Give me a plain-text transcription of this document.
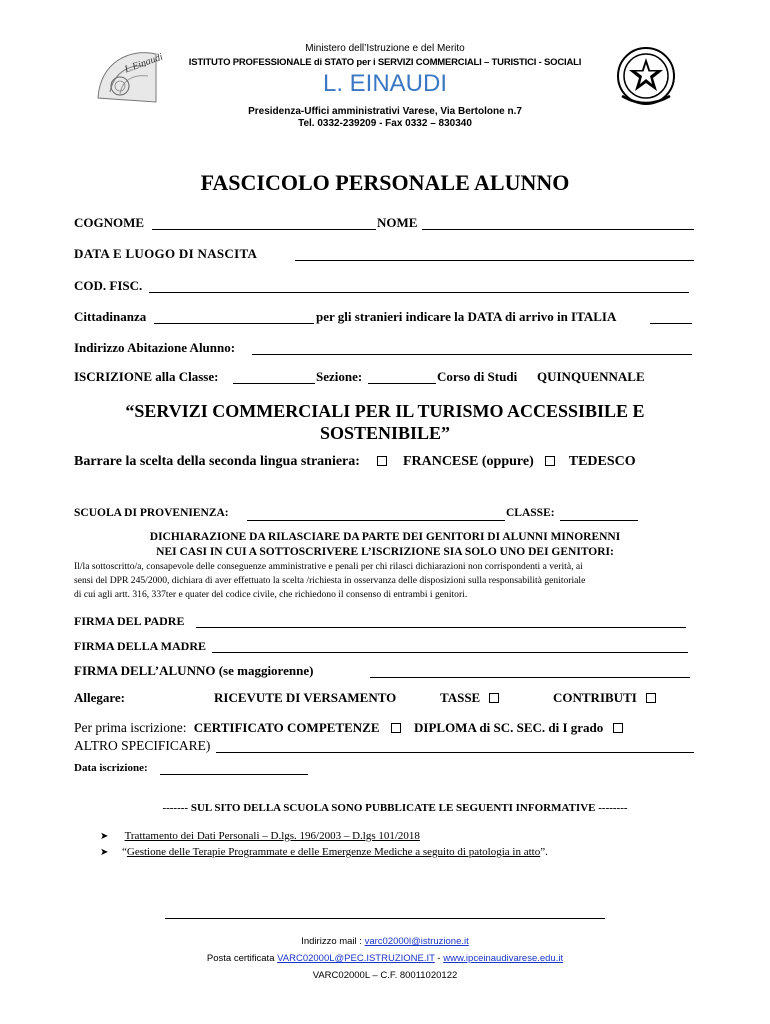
L.Einaudi
Ministero dell’Istruzione e del Merito
ISTITUTO PROFESSIONALE di STATO per i SERVIZI COMMERCIALI – TURISTICI - SOCIALI
L. EINAUDI
Presidenza-Uffici amministrativi Varese, Via Bertolone n.7
Tel. 0332-239209 - Fax 0332 – 830340
FASCICOLO PERSONALE ALUNNO
COGNOME	NOME
DATA E LUOGO DI NASCITA
COD. FISC.
Cittadinanza	per gli stranieri indicare la DATA di arrivo in ITALIA
Indirizzo Abitazione Alunno:
ISCRIZIONE alla Classe:	Sezione:	Corso di Studi QUINQUENNALE
“SERVIZI COMMERCIALI PER IL TURISMO ACCESSIBILE E
SOSTENIBILE”
Barrare la scelta della seconda lingua straniera:	FRANCESE (oppure)	TEDESCO
SCUOLA DI PROVENIENZA:	CLASSE:
DICHIARAZIONE DA RILASCIARE DA PARTE DEI GENITORI DI ALUNNI MINORENNI
NEI CASI IN CUI A SOTTOSCRIVERE L’ISCRIZIONE SIA SOLO UNO DEI GENITORI:
Il/la sottoscritto/a, consapevole delle conseguenze amministrative e penali per chi rilasci dichiarazioni non corrispondenti a verità, ai
sensi del DPR 245/2000, dichiara di aver effettuato la scelta /richiesta in osservanza delle disposizioni sulla responsabilità genitoriale
di cui agli artt. 316, 337ter e quater del codice civile, che richiedono il consenso di entrambi i genitori.
FIRMA DEL PADRE
FIRMA DELLA MADRE
FIRMA DELL’ALUNNO (se maggiorenne)
Allegare:	RICEVUTE DI VERSAMENTO	TASSE	CONTRIBUTI
Per prima iscrizione: CERTIFICATO COMPETENZE	DIPLOMA di SC. SEC. di I grado
ALTRO SPECIFICARE)
Data iscrizione:
------- SUL SITO DELLA SCUOLA SONO PUBBLICATE LE SEGUENTI INFORMATIVE --------
➤ Trattamento dei Dati Personali – D.lgs. 196/2003 – D.lgs 101/2018
➤ “Gestione delle Terapie Programmate e delle Emergenze Mediche a seguito di patologia in atto”.
Indirizzo mail : varc02000l@istruzione.it
Posta certificata VARC02000L@PEC.ISTRUZIONE.IT - www.ipceinaudivarese.edu.it
VARC02000L – C.F. 80011020122
